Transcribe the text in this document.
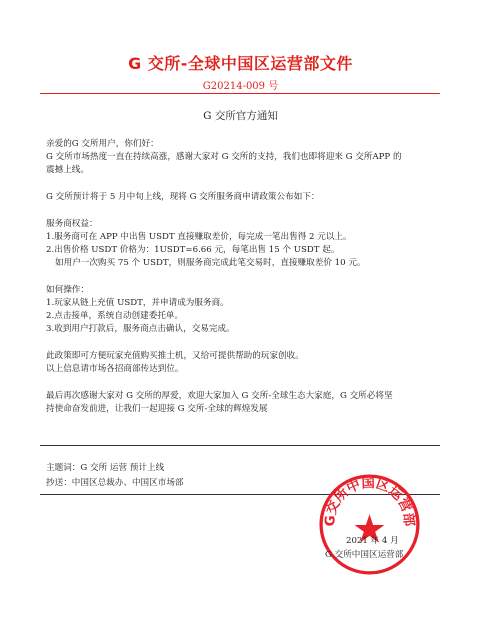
G 交所-全球中国区运营部文件
G20214-009 号
G 交所官方通知

亲爱的G 交所用户，你们好：

G 交所市场热度一直在持续高涨，感谢大家对 G 交所的支持，我们也即将迎来 G 交所APP 的

震撼上线。

G 交所预计将于 5 月中旬上线，现将 G 交所服务商申请政策公布如下：

服务商权益：

1.服务商可在 APP 中出售 USDT 直接赚取差价，每完成一笔出售得 2 元以上。

2.出售价格 USDT 价格为：1USDT=6.66 元，每笔出售 15 个 USDT 起。

如用户一次购买 75 个 USDT，则服务商完成此笔交易时，直接赚取差价 10 元。

如何操作：

1.玩家从链上充值 USDT，并申请成为服务商。

2.点击接单，系统自动创建委托单。

3.收到用户打款后，服务商点击确认，交易完成。

此政策即可方便玩家充值购买推土机，又给可提供帮助的玩家创收。

以上信息请市场各招商部传达到位。

最后再次感谢大家对 G 交所的厚爱，欢迎大家加入 G 交所-全球生态大家庭，G 交所必将坚

持使命奋发前进，让我们一起迎接 G 交所-全球的辉煌发展

主题词：G 交所 运营 预计上线
抄送：中国区总裁办、中国区市场部
G交所中国区运营部
2021 年 4 月
G 交所中国区运营部
